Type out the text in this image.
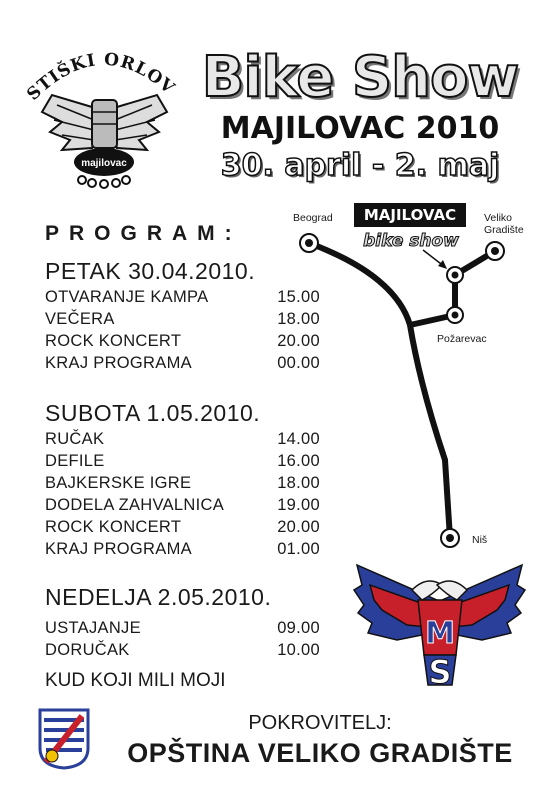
STIŠKI ORLOV
majilovac
Bike Show
MAJILOVAC 2010
30. april - 2. maj
PROGRAM:
PETAK 30.04.2010.
OTVARANJE KAMPA	15.00
VEČERA	18.00
ROCK KONCERT	20.00
KRAJ PROGRAMA	00.00
SUBOTA 1.05.2010.
RUČAK	14.00
DEFILE	16.00
BAJKERSKE IGRE	18.00
DODELA ZAHVALNICA	19.00
ROCK KONCERT	20.00
KRAJ PROGRAMA	01.00
NEDELJA 2.05.2010.
USTAJANJE	09.00
DORUČAK	10.00
KUD KOJI MILI MOJI
MAJILOVAC
bike show
Beograd	Veliko
Gradište
Požarevac
Niš
M
S
POKROVITELJ:
OPŠTINA VELIKO GRADIŠTE
